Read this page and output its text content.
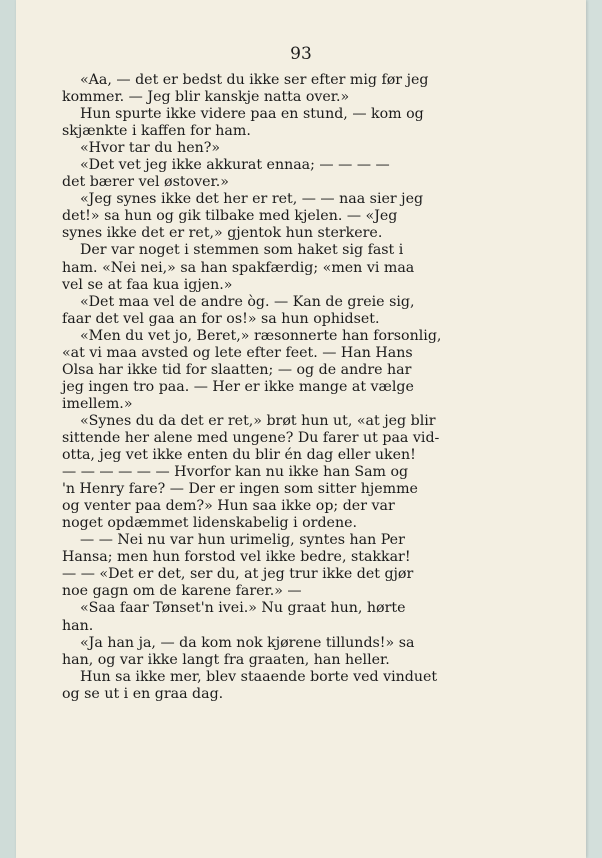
93
«Aa, — det er bedst du ikke ser efter mig før jeg
kommer. — Jeg blir kanskje natta over.»
Hun spurte ikke videre paa en stund, — kom og
skjænkte i kaffen for ham.
«Hvor tar du hen?»
«Det vet jeg ikke akkurat ennaa; — — — —
det bærer vel østover.»
«Jeg synes ikke det her er ret, — — naa sier jeg
det!» sa hun og gik tilbake med kjelen. — «Jeg
synes ikke det er ret,» gjentok hun sterkere.
Der var noget i stemmen som haket sig fast i
ham. «Nei nei,» sa han spakfærdig; «men vi maa
vel se at faa kua igjen.»
«Det maa vel de andre òg. — Kan de greie sig,
faar det vel gaa an for os!» sa hun ophidset.
«Men du vet jo, Beret,» ræsonnerte han forsonlig,
«at vi maa avsted og lete efter feet. — Han Hans
Olsa har ikke tid for slaatten; — og de andre har
jeg ingen tro paa. — Her er ikke mange at vælge
imellem.»
«Synes du da det er ret,» brøt hun ut, «at jeg blir
sittende her alene med ungene? Du farer ut paa vid-
otta, jeg vet ikke enten du blir én dag eller uken!
— — — — — — Hvorfor kan nu ikke han Sam og
'n Henry fare? — Der er ingen som sitter hjemme
og venter paa dem?» Hun saa ikke op; der var
noget opdæmmet lidenskabelig i ordene.
— — Nei nu var hun urimelig, syntes han Per
Hansa; men hun forstod vel ikke bedre, stakkar!
— — «Det er det, ser du, at jeg trur ikke det gjør
noe gagn om de karene farer.» —
«Saa faar Tønset'n ivei.» Nu graat hun, hørte
han.
«Ja han ja, — da kom nok kjørene tillunds!» sa
han, og var ikke langt fra graaten, han heller.
Hun sa ikke mer, blev staaende borte ved vinduet
og se ut i en graa dag.
